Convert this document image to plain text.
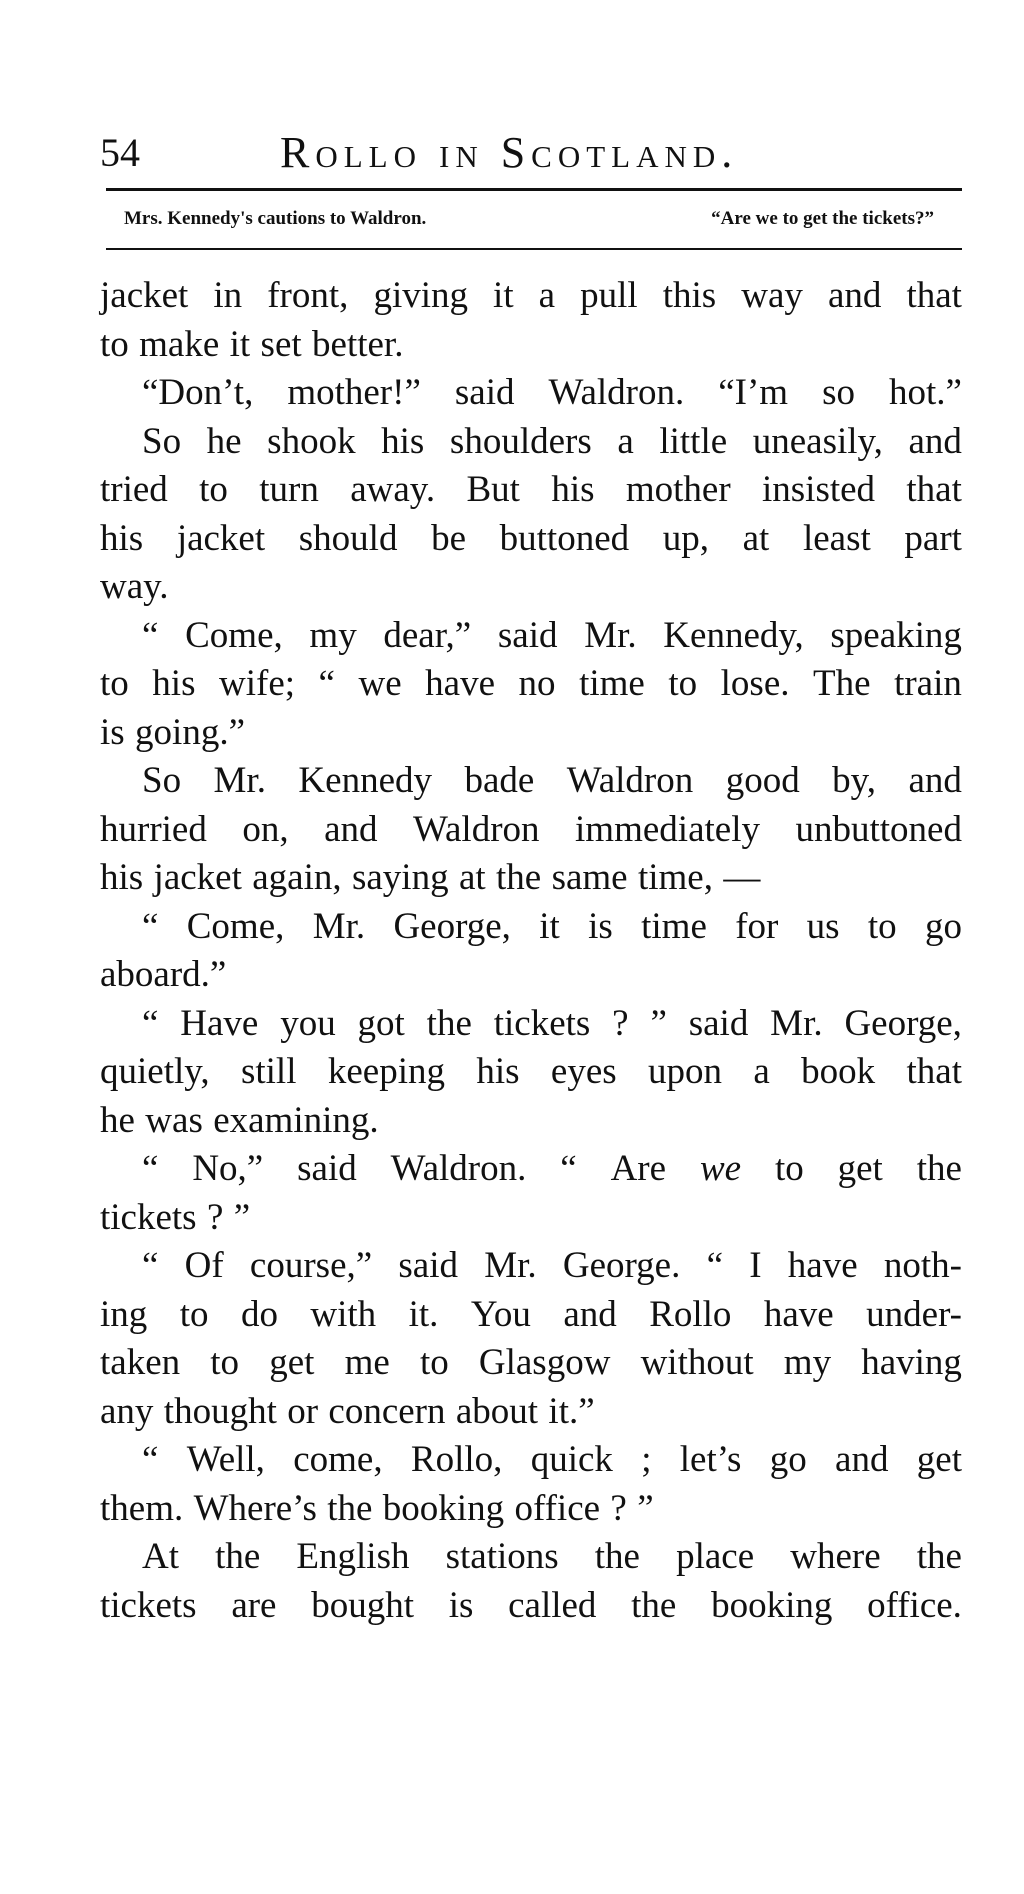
54	Rollo in Scotland.
Mrs. Kennedy's cautions to Waldron.	“Are we to get the tickets?”
jacket in front, giving it a pull this way and that
to make it set better.
“Don’t, mother!” said Waldron. “I’m so hot.”
So he shook his shoulders a little uneasily, and
tried to turn away. But his mother insisted that
his jacket should be buttoned up, at least part
way.
“ Come, my dear,” said Mr. Kennedy, speaking
to his wife; “ we have no time to lose. The train
is going.”
So Mr. Kennedy bade Waldron good by, and
hurried on, and Waldron immediately unbuttoned
his jacket again, saying at the same time, —
“ Come, Mr. George, it is time for us to go
aboard.”
“ Have you got the tickets ? ” said Mr. George,
quietly, still keeping his eyes upon a book that
he was examining.
“ No,” said Waldron. “ Are we to get the
tickets ? ”
“ Of course,” said Mr. George. “ I have noth-
ing to do with it. You and Rollo have under-
taken to get me to Glasgow without my having
any thought or concern about it.”
“ Well, come, Rollo, quick ; let’s go and get
them. Where’s the booking office ? ”
At the English stations the place where the
tickets are bought is called the booking office.
